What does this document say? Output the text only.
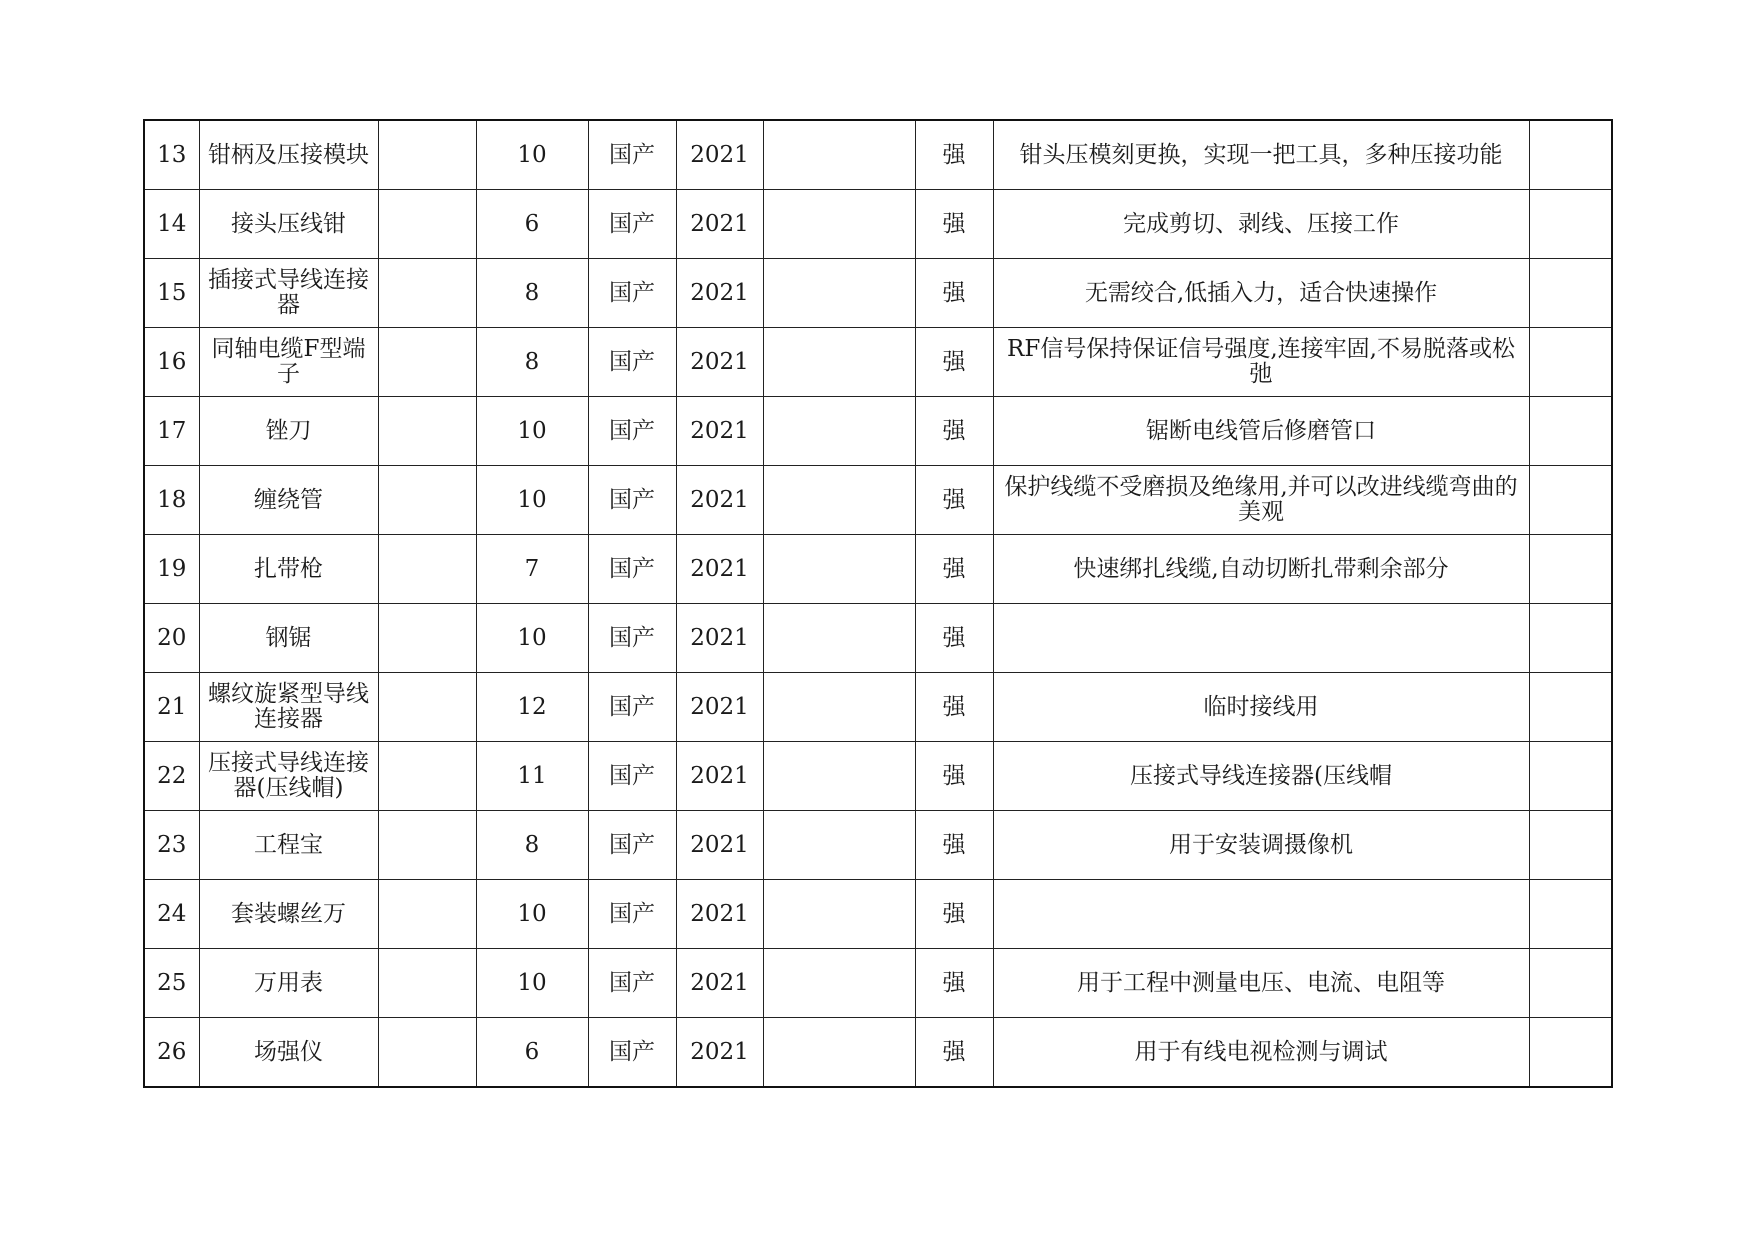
13	钳柄及压接模块		10	国产	2021		强	钳头压模刻更换，实现一把工具，多种压接功能	
14	接头压线钳		6	国产	2021		强	完成剪切、剥线、压接工作	
15	插接式导线连接器		8	国产	2021		强	无需绞合,低插入力，适合快速操作	
16	同轴电缆F型端子		8	国产	2021		强	RF信号保持保证信号强度,连接牢固,不易脱落或松弛	
17	锉刀		10	国产	2021		强	锯断电线管后修磨管口	
18	缠绕管		10	国产	2021		强	保护线缆不受磨损及绝缘用,并可以改进线缆弯曲的美观	
19	扎带枪		7	国产	2021		强	快速绑扎线缆,自动切断扎带剩余部分	
20	钢锯		10	国产	2021		强		
21	螺纹旋紧型导线连接器		12	国产	2021		强	临时接线用	
22	压接式导线连接器(压线帽)		11	国产	2021		强	压接式导线连接器(压线帽	
23	工程宝		8	国产	2021		强	用于安装调摄像机	
24	套装螺丝万		10	国产	2021		强		
25	万用表		10	国产	2021		强	用于工程中测量电压、电流、电阻等	
26	场强仪		6	国产	2021		强	用于有线电视检测与调试	
